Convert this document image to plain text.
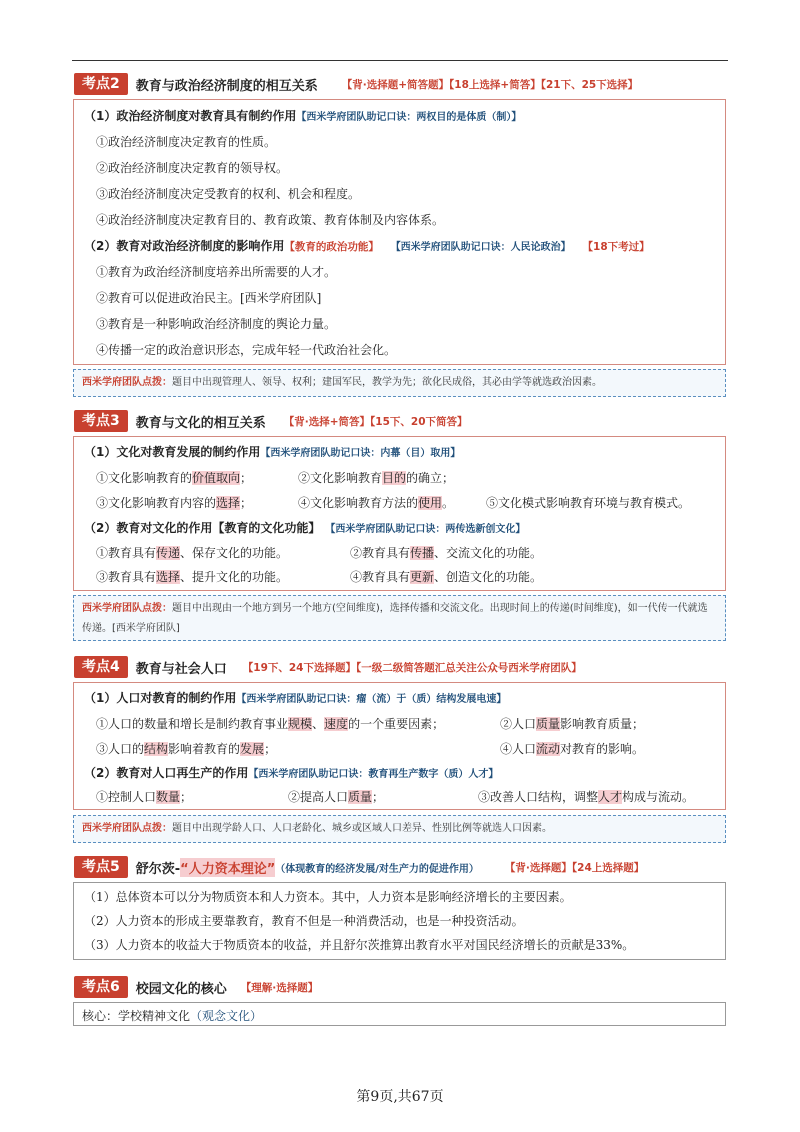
考点2	教育与政治经济制度的相互关系 【背·选择题+简答题】【18上选择+简答】【21下、25下选择】
（1）政治经济制度对教育具有制约作用【西米学府团队助记口诀：两权目的是体质（制）】
①政治经济制度决定教育的性质。
②政治经济制度决定教育的领导权。
③政治经济制度决定受教育的权利、机会和程度。
④政治经济制度决定教育目的、教育政策、教育体制及内容体系。
（2）教育对政治经济制度的影响作用【教育的政治功能】 【西米学府团队助记口诀：人民论政治】 【18下考过】
①教育为政治经济制度培养出所需要的人才。
②教育可以促进政治民主。[西米学府团队]
③教育是一种影响政治经济制度的舆论力量。
④传播一定的政治意识形态，完成年轻一代政治社会化。
西米学府团队点拨：题目中出现管理人、领导、权利；建国军民，教学为先；欲化民成俗，其必由学等就选政治因素。
考点3	教育与文化的相互关系 【背·选择+简答】【15下、20下简答】
（1）文化对教育发展的制约作用【西米学府团队助记口诀：内幕（目）取用】
①文化影响教育的价值取向；	②文化影响教育目的的确立；
③文化影响教育内容的选择；	④文化影响教育方法的使用。	⑤文化模式影响教育环境与教育模式。
（2）教育对文化的作用【教育的文化功能】 【西米学府团队助记口诀：两传选新创文化】
①教育具有传递、保存文化的功能。	②教育具有传播、交流文化的功能。
③教育具有选择、提升文化的功能。	④教育具有更新、创造文化的功能。
西米学府团队点拨：题目中出现由一个地方到另一个地方(空间维度)，选择传播和交流文化。出现时间上的传递(时间维度)，如一代传一代就选传递。[西米学府团队]
考点4	教育与社会人口 【19下、24下选择题】【一级二级简答题汇总关注公众号西米学府团队】
（1）人口对教育的制约作用【西米学府团队助记口诀：瘤（流）于（质）结构发展电速】
①人口的数量和增长是制约教育事业规模、速度的一个重要因素；	②人口质量影响教育质量；
③人口的结构影响着教育的发展；	④人口流动对教育的影响。
（2）教育对人口再生产的作用【西米学府团队助记口诀：教育再生产数字（质）人才】
①控制人口数量；	②提高人口质量；	③改善人口结构，调整人才构成与流动。
西米学府团队点拨：题目中出现学龄人口、人口老龄化、城乡或区域人口差异、性别比例等就选人口因素。
考点5	舒尔茨- “人力资本理论” （体现教育的经济发展/对生产力的促进作用） 【背·选择题】【24上选择题】
（1）总体资本可以分为物质资本和人力资本。其中，人力资本是影响经济增长的主要因素。
（2）人力资本的形成主要靠教育，教育不但是一种消费活动，也是一种投资活动。
（3）人力资本的收益大于物质资本的收益，并且舒尔茨推算出教育水平对国民经济增长的贡献是33%。
考点6	校园文化的核心 【理解·选择题】
核心：学校精神文化（观念文化）
第9页,共67页
